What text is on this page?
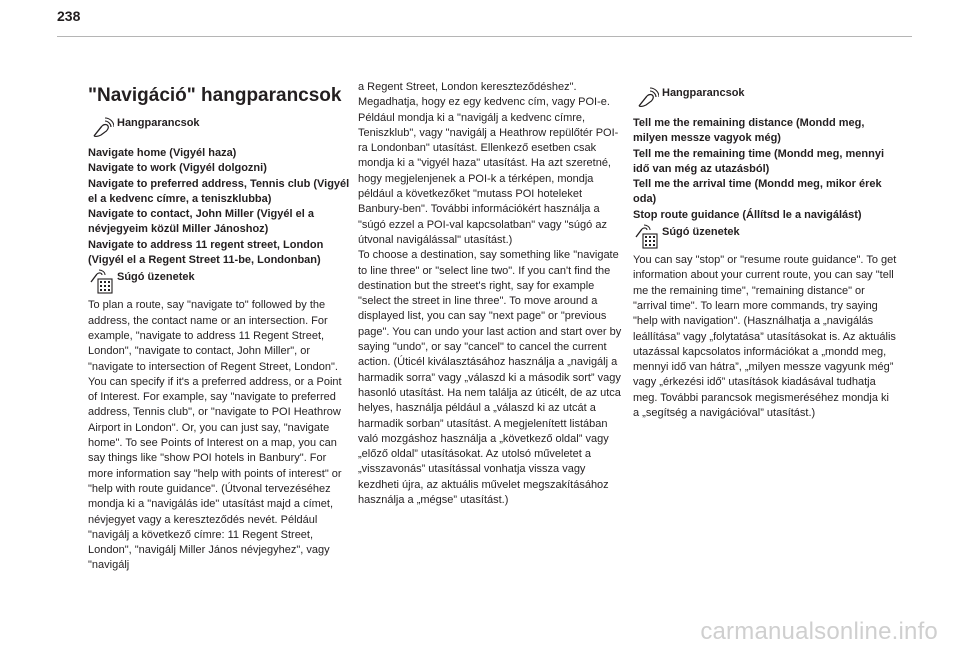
238
"Navigáció" hangparancsok
Hangparancsok
Navigate home (Vigyél haza)
Navigate to work (Vigyél dolgozni)
Navigate to preferred address, Tennis club (Vigyél el a kedvenc címre, a teniszklubba)
Navigate to contact, John Miller (Vigyél el a névjegyeim közül Miller Jánoshoz)
Navigate to address 11 regent street, London (Vigyél el a Regent Street 11-be, Londonban)
Súgó üzenetek
To plan a route, say "navigate to" followed by the address, the contact name or an intersection. For example, "navigate to address 11 Regent Street, London", "navigate to contact, John Miller", or "navigate to intersection of Regent Street, London". You can specify if it's a preferred address, or a Point of Interest. For example, say "navigate to preferred address, Tennis club", or "navigate to POI Heathrow Airport in London". Or, you can just say, "navigate home". To see Points of Interest on a map, you can say things like "show POI hotels in Banbury". For more information say "help with points of interest" or "help with route guidance". (Útvonal tervezéséhez mondja ki a "navigálás ide" utasítást majd a címet, névjegyet vagy a kereszteződés nevét. Például "navigálj a következő címre: 11 Regent Street, London", "navigálj Miller János névjegyhez", vagy "navigálj
a Regent Street, London kereszteződéshez". Megadhatja, hogy ez egy kedvenc cím, vagy POI-e. Például mondja ki a "navigálj a kedvenc címre, Teniszklub", vagy "navigálj a Heathrow repülőtér POI-ra Londonban" utasítást. Ellenkező esetben csak mondja ki a "vigyél haza" utasítást. Ha azt szeretné, hogy megjelenjenek a POI-k a térképen, mondja például a következőket "mutass POI hoteleket Banbury-ben". További információkért használja a "súgó ezzel a POI-val kapcsolatban" vagy "súgó az útvonal navigálással" utasítást.)
To choose a destination, say something like "navigate to line three" or "select line two". If you can't find the destination but the street's right, say for example "select the street in line three". To move around a displayed list, you can say "next page" or "previous page". You can undo your last action and start over by saying "undo", or say "cancel" to cancel the current action. (Úticél kiválasztásához használja a „navigálj a harmadik sorra” vagy „válaszd ki a második sort” vagy hasonló utasítást. Ha nem találja az úticélt, de az utca helyes, használja például a „válaszd ki az utcát a harmadik sorban” utasítást. A megjelenített listában való mozgáshoz használja a „következő oldal” vagy „előző oldal” utasításokat. Az utolsó műveletet a „visszavonás” utasítással vonhatja vissza vagy kezdheti újra, az aktuális művelet megszakításához használja a „mégse” utasítást.)
Hangparancsok
Tell me the remaining distance (Mondd meg, milyen messze vagyok még)
Tell me the remaining time (Mondd meg, mennyi idő van még az utazásból)
Tell me the arrival time (Mondd meg, mikor érek oda)
Stop route guidance (Állítsd le a navigálást)
Súgó üzenetek
You can say "stop" or "resume route guidance". To get information about your current route, you can say "tell me the remaining time", "remaining distance" or "arrival time". To learn more commands, try saying "help with navigation". (Használhatja a „navigálás leállítása” vagy „folytatása” utasításokat is. Az aktuális utazással kapcsolatos információkat a „mondd meg, mennyi idő van hátra”, „milyen messze vagyunk még” vagy „érkezési idő” utasítások kiadásával tudhatja meg. További parancsok megismeréséhez mondja ki a „segítség a navigációval” utasítást.)
carmanualsonline.info
